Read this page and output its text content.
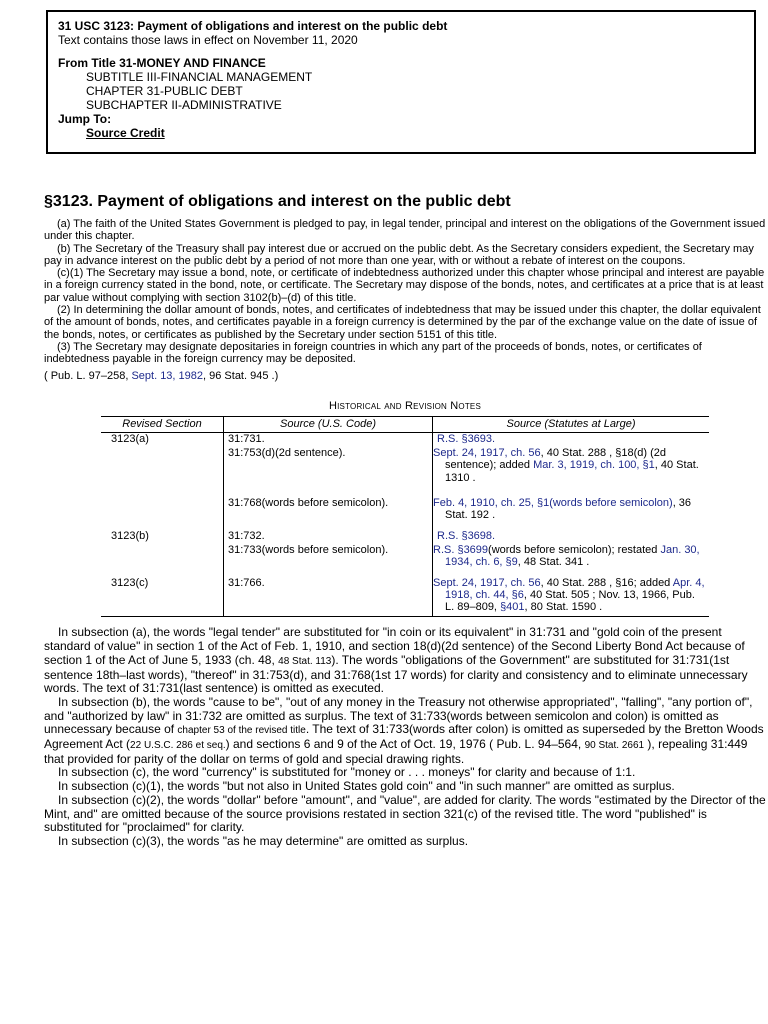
31 USC 3123: Payment of obligations and interest on the public debt
Text contains those laws in effect on November 11, 2020
From Title 31-MONEY AND FINANCE
SUBTITLE III-FINANCIAL MANAGEMENT
CHAPTER 31-PUBLIC DEBT
SUBCHAPTER II-ADMINISTRATIVE
Jump To:
Source Credit
§3123. Payment of obligations and interest on the public debt

(a) The faith of the United States Government is pledged to pay, in legal tender, principal and interest on the obligations of the Government issued under this chapter.

(b) The Secretary of the Treasury shall pay interest due or accrued on the public debt. As the Secretary considers expedient, the Secretary may pay in advance interest on the public debt by a period of not more than one year, with or without a rebate of interest on the coupons.

(c)(1) The Secretary may issue a bond, note, or certificate of indebtedness authorized under this chapter whose principal and interest are payable in a foreign currency stated in the bond, note, or certificate. The Secretary may dispose of the bonds, notes, and certificates at a price that is at least par value without complying with section 3102(b)–(d) of this title.

(2) In determining the dollar amount of bonds, notes, and certificates of indebtedness that may be issued under this chapter, the dollar equivalent of the amount of bonds, notes, and certificates payable in a foreign currency is determined by the par of the exchange value on the date of issue of the bonds, notes, or certificates as published by the Secretary under section 5151 of this title.

(3) The Secretary may designate depositaries in foreign countries in which any part of the proceeds of bonds, notes, or certificates of indebtedness payable in the foreign currency may be deposited.

( Pub. L. 97–258, Sept. 13, 1982, 96 Stat. 945 .)
Historical and Revision Notes
Revised Section	Source (U.S. Code)	Source (Statutes at Large)
3123(a)	31:731.	R.S. §3693.
	31:753(d)(2d sentence).	Sept. 24, 1917, ch. 56, 40 Stat. 288 , §18(d) (2d sentence); added Mar. 3, 1919, ch. 100, §1, 40 Stat. 1310 .

	31:768(words before semicolon).	Feb. 4, 1910, ch. 25, §1(words before semicolon), 36 Stat. 192 .

3123(b)	31:732.	R.S. §3698.
	31:733(words before semicolon).	R.S. §3699(words before semicolon); restated Jan. 30, 1934, ch. 6, §9, 48 Stat. 341 .

3123(c)	31:766.	Sept. 24, 1917, ch. 56, 40 Stat. 288 , §16; added Apr. 4, 1918, ch. 44, §6, 40 Stat. 505 ; Nov. 13, 1966, Pub. L. 89–809, §401, 80 Stat. 1590 .

In subsection (a), the words "legal tender" are substituted for "in coin or its equivalent" in 31:731 and "gold coin of the present standard of value" in section 1 of the Act of Feb. 1, 1910, and section 18(d)(2d sentence) of the Second Liberty Bond Act because of section 1 of the Act of June 5, 1933 (ch. 48, 48 Stat. 113). The words "obligations of the Government" are substituted for 31:731(1st sentence 18th–last words), "thereof" in 31:753(d), and 31:768(1st 17 words) for clarity and consistency and to eliminate unnecessary words. The text of 31:731(last sentence) is omitted as executed.

In subsection (b), the words "cause to be", "out of any money in the Treasury not otherwise appropriated", "falling", "any portion of", and "authorized by law" in 31:732 are omitted as surplus. The text of 31:733(words between semicolon and colon) is omitted as unnecessary because of chapter 53 of the revised title. The text of 31:733(words after colon) is omitted as superseded by the Bretton Woods Agreement Act (22 U.S.C. 286 et seq.) and sections 6 and 9 of the Act of Oct. 19, 1976 ( Pub. L. 94–564, 90 Stat. 2661 ), repealing 31:449 that provided for parity of the dollar on terms of gold and special drawing rights.

In subsection (c), the word "currency" is substituted for "money or . . . moneys" for clarity and because of 1:1.

In subsection (c)(1), the words "but not also in United States gold coin" and "in such manner" are omitted as surplus.

In subsection (c)(2), the words "dollar" before "amount", and "value", are added for clarity. The words "estimated by the Director of the Mint, and" are omitted because of the source provisions restated in section 321(c) of the revised title. The word "published" is substituted for "proclaimed" for clarity.

In subsection (c)(3), the words "as he may determine" are omitted as surplus.
